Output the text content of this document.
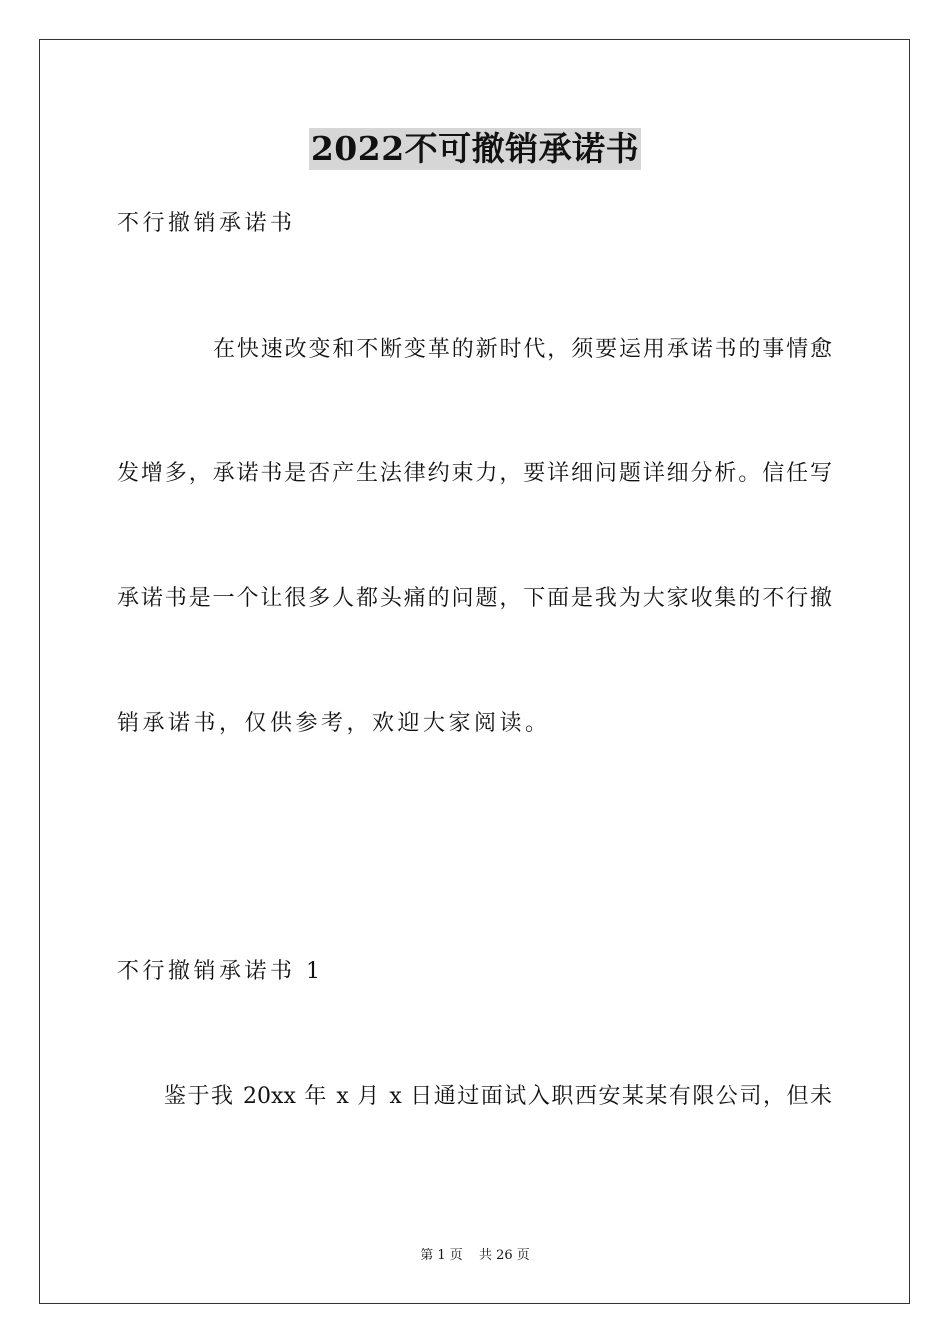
2022不可撤销承诺书
不行撤销承诺书
在快速改变和不断变革的新时代，须要运用承诺书的事情愈
发增多，承诺书是否产生法律约束力，要详细问题详细分析。信任写
承诺书是一个让很多人都头痛的问题，下面是我为大家收集的不行撤
销承诺书，仅供参考，欢迎大家阅读。
不行撤销承诺书 1
鉴于我 20xx 年 x 月 x 日通过面试入职西安某某有限公司，但未
第 1 页 共 26 页
